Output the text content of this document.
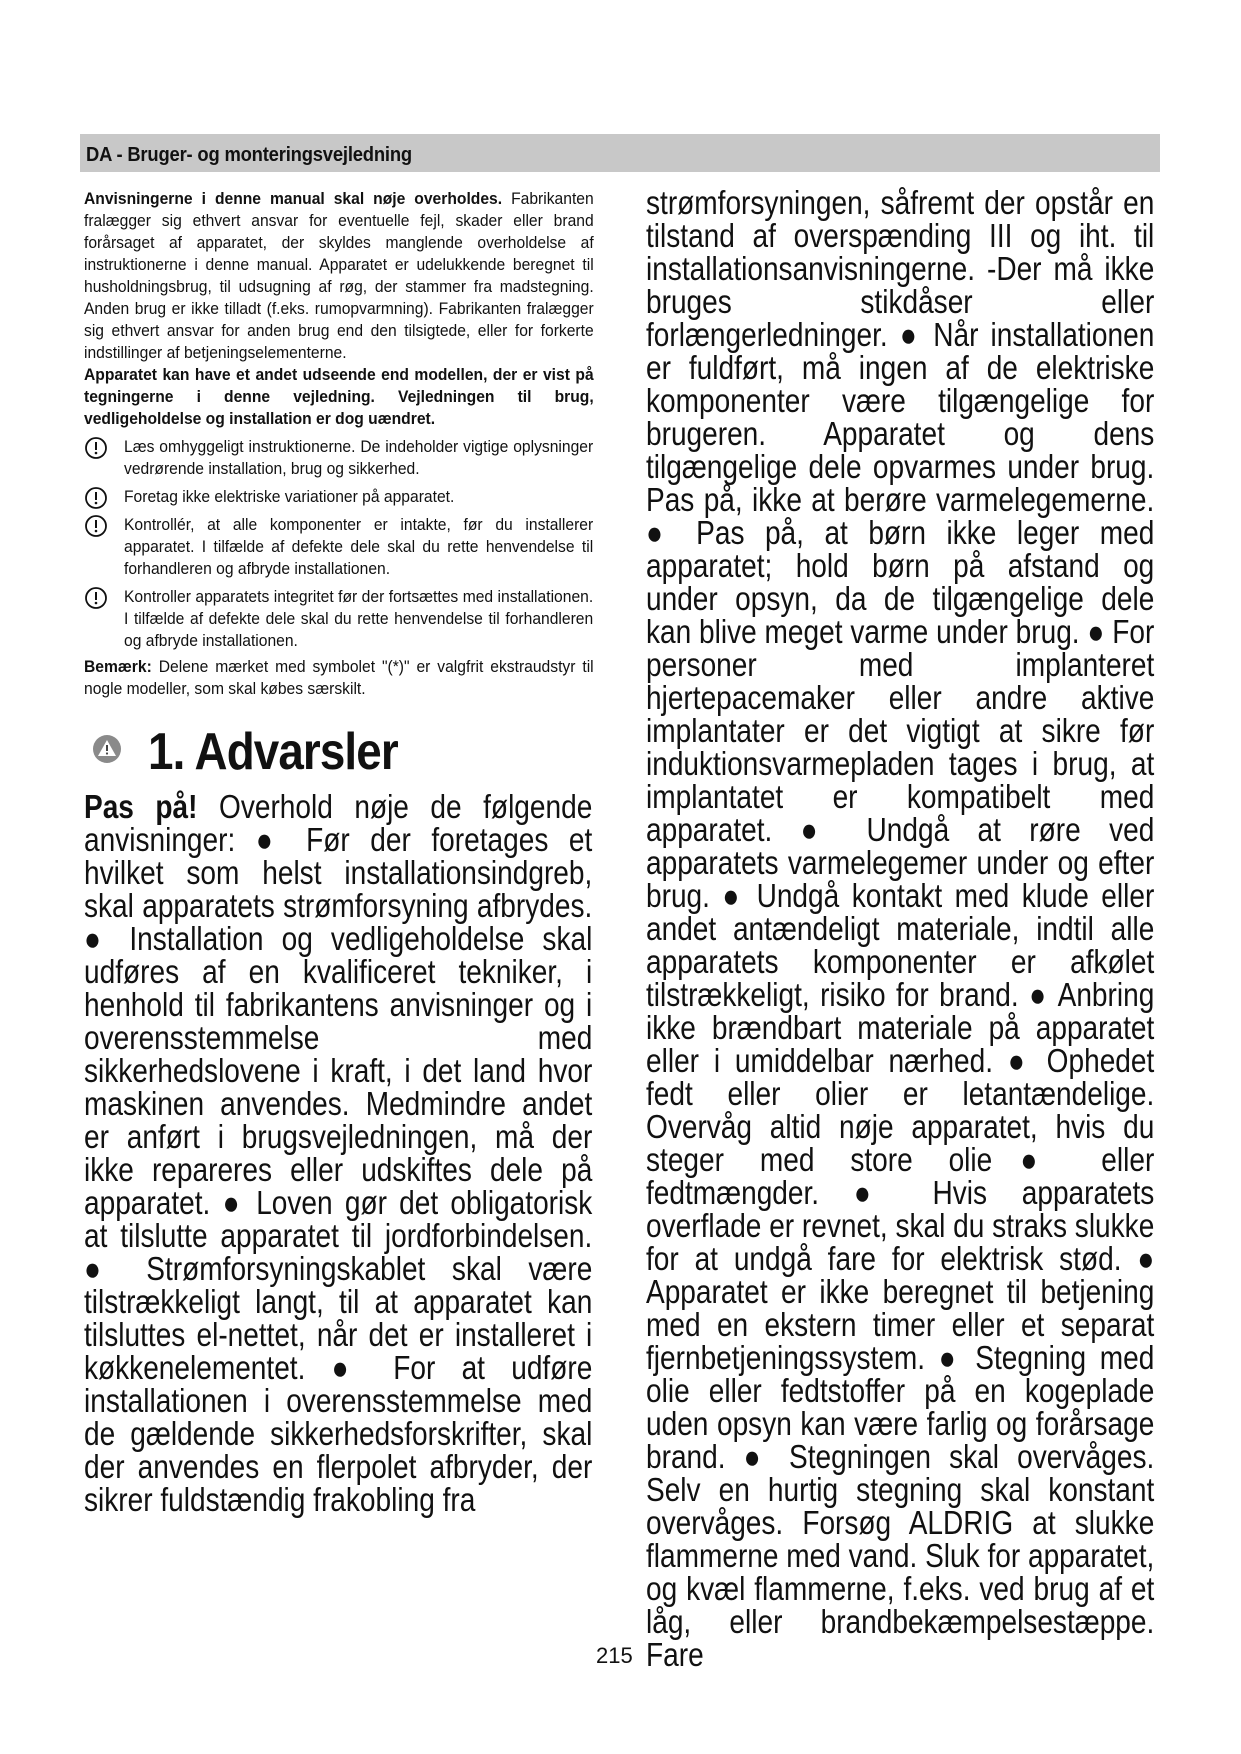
DA - Bruger- og monteringsvejledning

Anvisningerne i denne manual skal nøje overholdes. Fabrikanten fralægger sig ethvert ansvar for eventuelle fejl, skader eller brand forårsaget af apparatet, der skyldes manglende overholdelse af instruktionerne i denne manual. Apparatet er udelukkende beregnet til husholdningsbrug, til udsugning af røg, der stammer fra madstegning. Anden brug er ikke tilladt (f.eks. rumopvarmning). Fabrikanten fralægger sig ethvert ansvar for anden brug end den tilsigtede, eller for forkerte indstillinger af betjeningselementerne.

Apparatet kan have et andet udseende end modellen, der er vist på tegningerne i denne vejledning. Vejledningen til brug, vedligeholdelse og installation er dog uændret.

Læs omhyggeligt instruktionerne. De indeholder vigtige oplysninger vedrørende installation, brug og sikkerhed.
Foretag ikke elektriske variationer på apparatet.
Kontrollér, at alle komponenter er intakte, før du installerer apparatet. I tilfælde af defekte dele skal du rette henvendelse til forhandleren og afbryde installationen.
Kontroller apparatets integritet før der fortsættes med installationen. I tilfælde af defekte dele skal du rette henvendelse til forhandleren og afbryde installationen.

Bemærk: Delene mærket med symbolet "(*)" er valgfrit ekstraudstyr til nogle modeller, som skal købes særskilt.

1. Advarsler

Pas på! Overhold nøje de følgende anvisninger: ● Før der foretages et hvilket som helst installationsindgreb, skal apparatets strømforsyning afbrydes. ● Installation og vedligeholdelse skal udføres af en kvalificeret tekniker, i henhold til fabrikantens anvisninger og i overensstemmelse med sikkerhedslovene i kraft, i det land hvor maskinen anvendes. Medmindre andet er anført i brugsvejledningen, må der ikke repareres eller udskiftes dele på apparatet. ● Loven gør det obligatorisk at tilslutte apparatet til jordforbindelsen. ● Strømforsyningskablet skal være tilstrækkeligt langt, til at apparatet kan tilsluttes el-nettet, når det er installeret i køkkenelementet. ● For at udføre installationen i overensstemmelse med de gældende sikkerhedsforskrifter, skal der anvendes en flerpolet afbryder, der sikrer fuldstændig frakobling fra

strømforsyningen, såfremt der opstår en tilstand af overspænding III og iht. til installationsanvisningerne. -Der må ikke bruges stikdåser eller forlængerledninger. ● Når installationen er fuldført, må ingen af de elektriske komponenter være tilgængelige for brugeren. Apparatet og dens tilgængelige dele opvarmes under brug. Pas på, ikke at berøre varmelegemerne. ● Pas på, at børn ikke leger med apparatet; hold børn på afstand og under opsyn, da de tilgængelige dele kan blive meget varme under brug. ● For personer med implanteret hjertepacemaker eller andre aktive implantater er det vigtigt at sikre før induktionsvarmepladen tages i brug, at implantatet er kompatibelt med apparatet. ● Undgå at røre ved apparatets varmelegemer under og efter brug. ● Undgå kontakt med klude eller andet antændeligt materiale, indtil alle apparatets komponenter er afkølet tilstrækkeligt, risiko for brand. ● Anbring ikke brændbart materiale på apparatet eller i umiddelbar nærhed. ● Ophedet fedt eller olier er letantændelige. Overvåg altid nøje apparatet, hvis du steger med store olie● eller fedtmængder. ● Hvis apparatets overflade er revnet, skal du straks slukke for at undgå fare for elektrisk stød. ● Apparatet er ikke beregnet til betjening med en ekstern timer eller et separat fjernbetjeningssystem. ● Stegning med olie eller fedtstoffer på en kogeplade uden opsyn kan være farlig og forårsage brand. ● Stegningen skal overvåges. Selv en hurtig stegning skal konstant overvåges. Forsøg ALDRIG at slukke flammerne med vand. Sluk for apparatet, og kvæl flammerne, f.eks. ved brug af et låg, eller brandbekæmpelsestæppe. Fare

215
